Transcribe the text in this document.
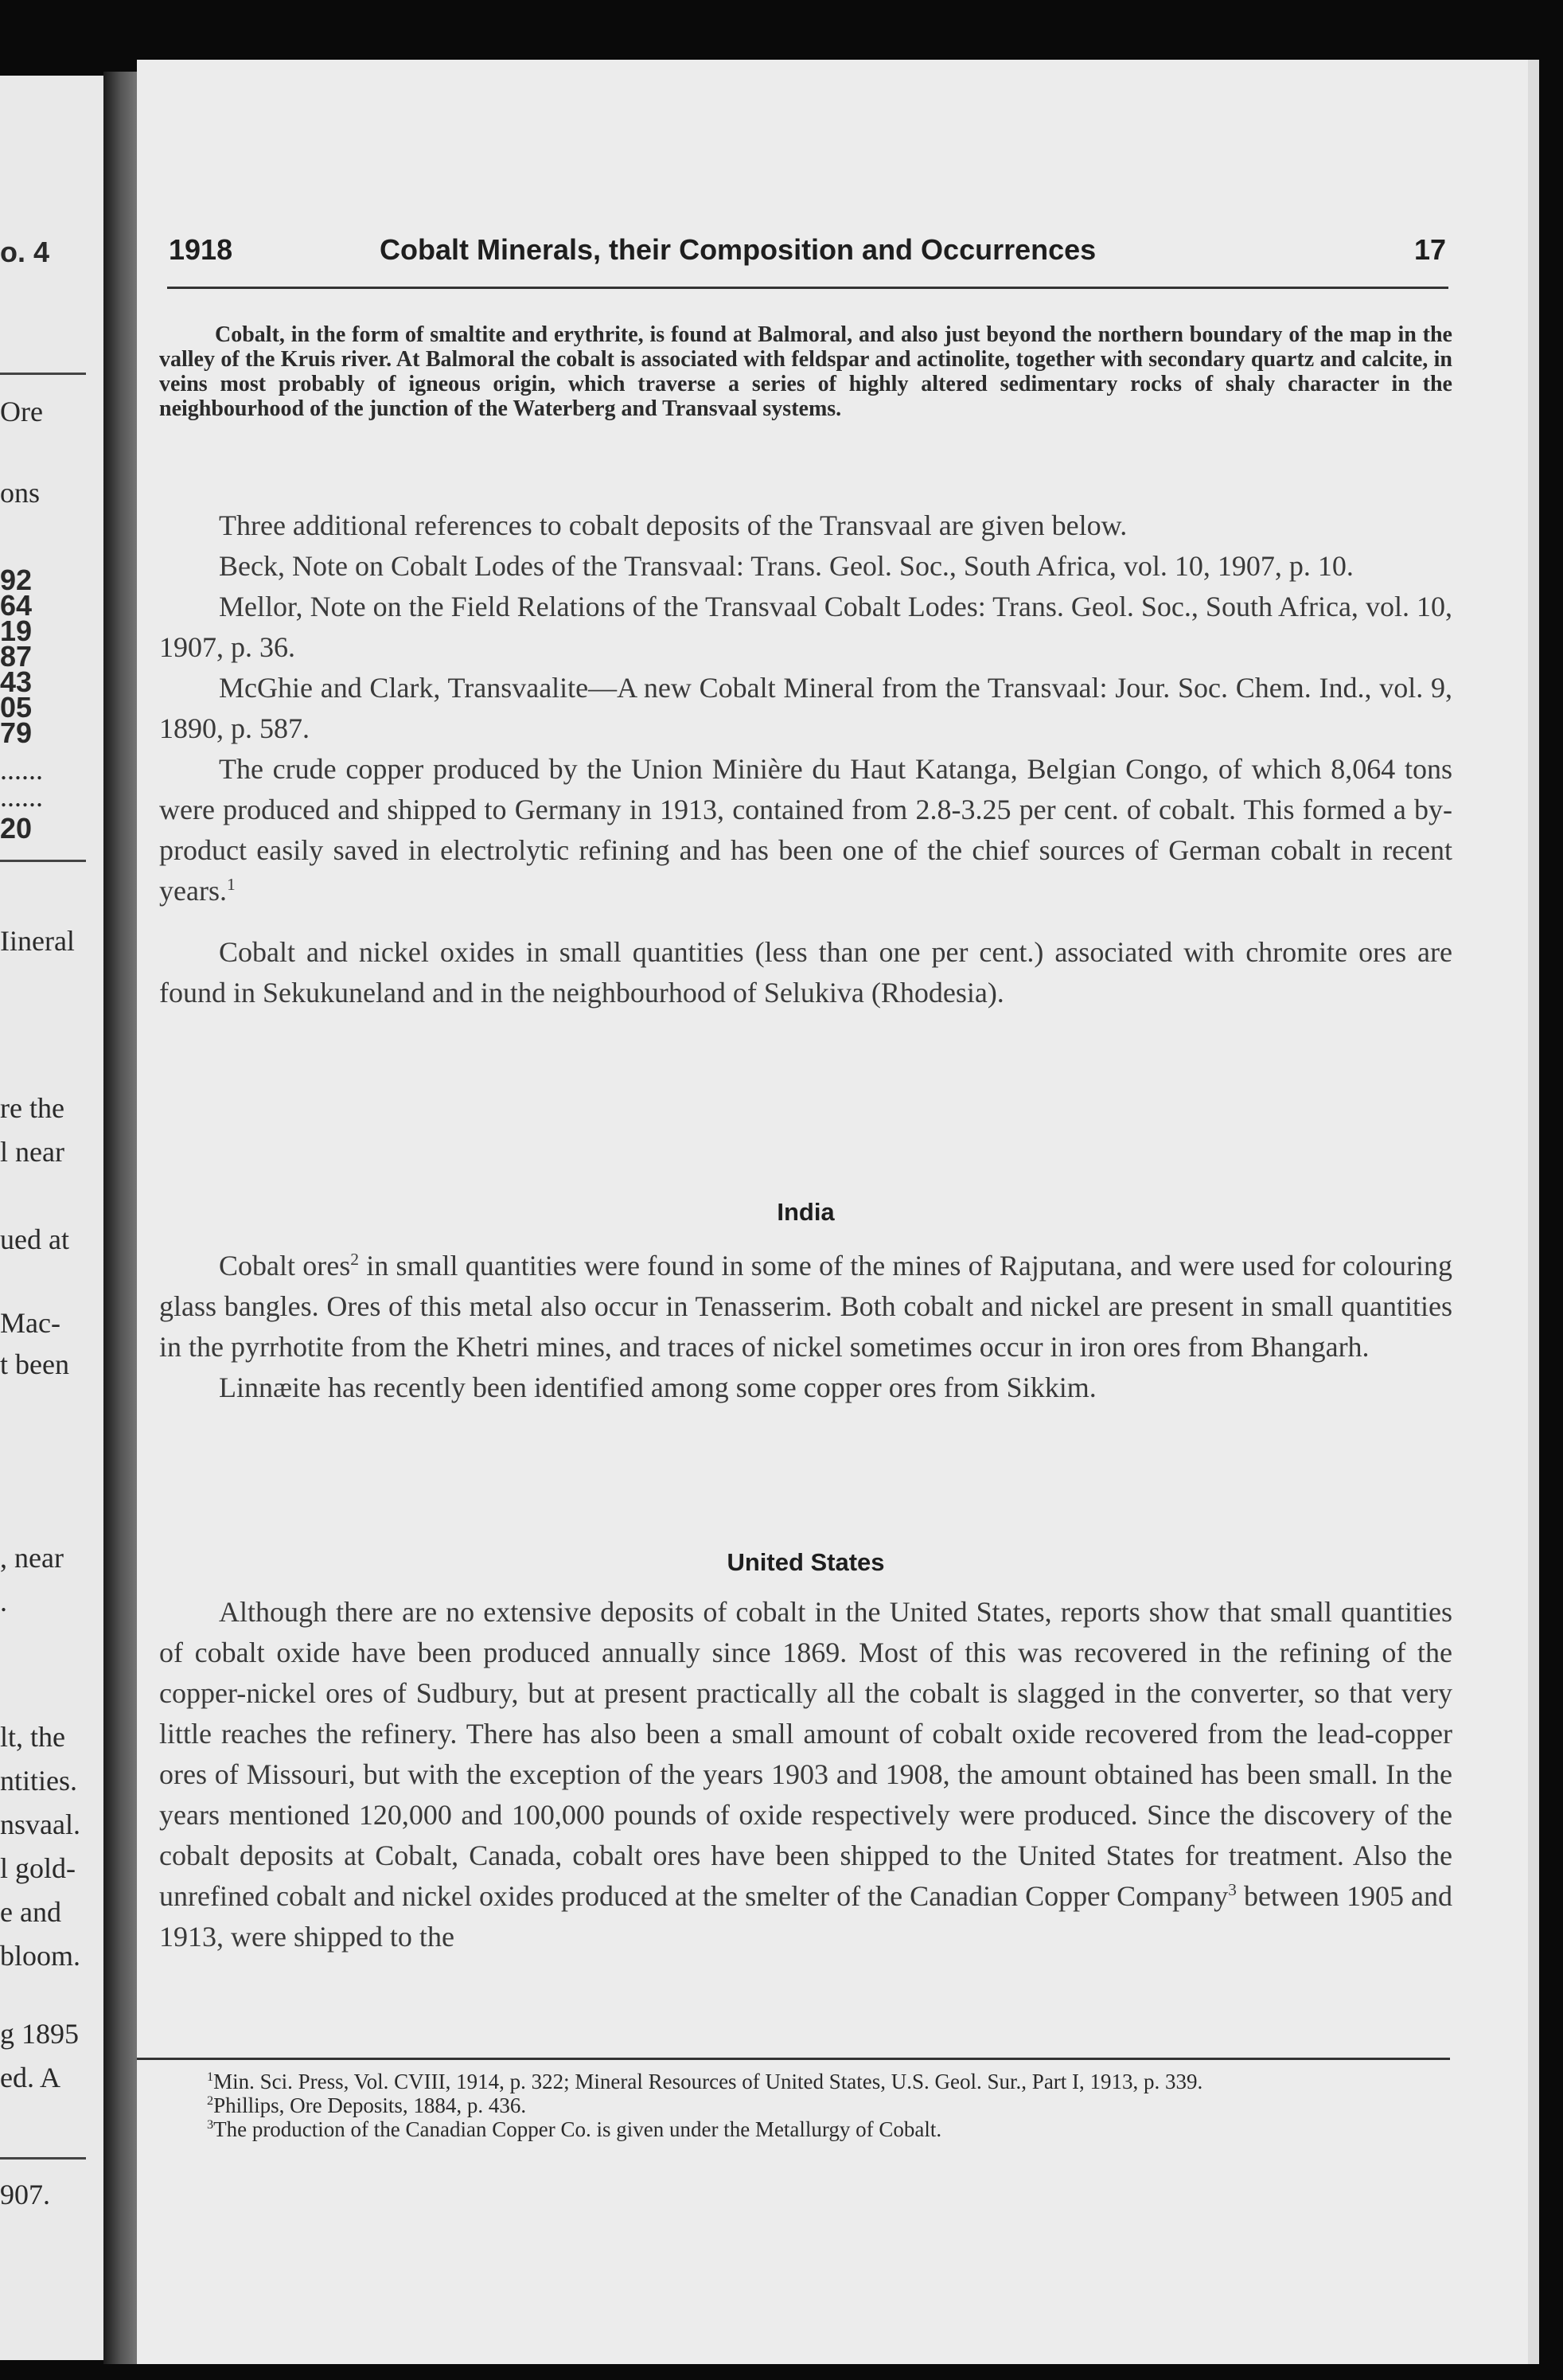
o. 4
Ore
ons
92
64
19
87
43
05
79
......
......
20
Iineral
re the
l near
ued at
Mac-
t been
, near
.
lt, the
ntities.
nsvaal.
l gold-
e and
bloom.
g 1895
ed. A
907.
1918	Cobalt Minerals, their Composition and Occurrences	17
Cobalt, in the form of smaltite and erythrite, is found at Balmoral, and also just beyond the northern boundary of the map in the valley of the Kruis river. At Balmoral the cobalt is associated with feldspar and actinolite, together with secondary quartz and calcite, in veins most probably of igneous origin, which traverse a series of highly altered sedimentary rocks of shaly character in the neighbourhood of the junction of the Waterberg and Transvaal systems.

Three additional references to cobalt deposits of the Transvaal are given below.

Beck, Note on Cobalt Lodes of the Transvaal: Trans. Geol. Soc., South Africa, vol. 10, 1907, p. 10.

Mellor, Note on the Field Relations of the Transvaal Cobalt Lodes: Trans. Geol. Soc., South Africa, vol. 10, 1907, p. 36.

McGhie and Clark, Transvaalite—A new Cobalt Mineral from the Transvaal: Jour. Soc. Chem. Ind., vol. 9, 1890, p. 587.

The crude copper produced by the Union Minière du Haut Katanga, Belgian Congo, of which 8,064 tons were produced and shipped to Germany in 1913, contained from 2.8-3.25 per cent. of cobalt. This formed a by-product easily saved in electrolytic refining and has been one of the chief sources of German cobalt in recent years.$^1$

Cobalt and nickel oxides in small quantities (less than one per cent.) associated with chromite ores are found in Sekukuneland and in the neighbourhood of Selukiva (Rhodesia).

India

Cobalt ores$^2$ in small quantities were found in some of the mines of Rajputana, and were used for colouring glass bangles. Ores of this metal also occur in Tenasserim. Both cobalt and nickel are present in small quantities in the pyrrhotite from the Khetri mines, and traces of nickel sometimes occur in iron ores from Bhangarh.

Linnæite has recently been identified among some copper ores from Sikkim.

United States

Although there are no extensive deposits of cobalt in the United States, reports show that small quantities of cobalt oxide have been produced annually since 1869. Most of this was recovered in the refining of the copper-nickel ores of Sudbury, but at present practically all the cobalt is slagged in the converter, so that very little reaches the refinery. There has also been a small amount of cobalt oxide recovered from the lead-copper ores of Missouri, but with the exception of the years 1903 and 1908, the amount obtained has been small. In the years mentioned 120,000 and 100,000 pounds of oxide respectively were produced. Since the discovery of the cobalt deposits at Cobalt, Canada, cobalt ores have been shipped to the United States for treatment. Also the unrefined cobalt and nickel oxides produced at the smelter of the Canadian Copper Company$^3$ between 1905 and 1913, were shipped to the

$^1$Min. Sci. Press, Vol. CVIII, 1914, p. 322; Mineral Resources of United States, U.S. Geol. Sur., Part I, 1913, p. 339.

$^2$Phillips, Ore Deposits, 1884, p. 436.

$^3$The production of the Canadian Copper Co. is given under the Metallurgy of Cobalt.
